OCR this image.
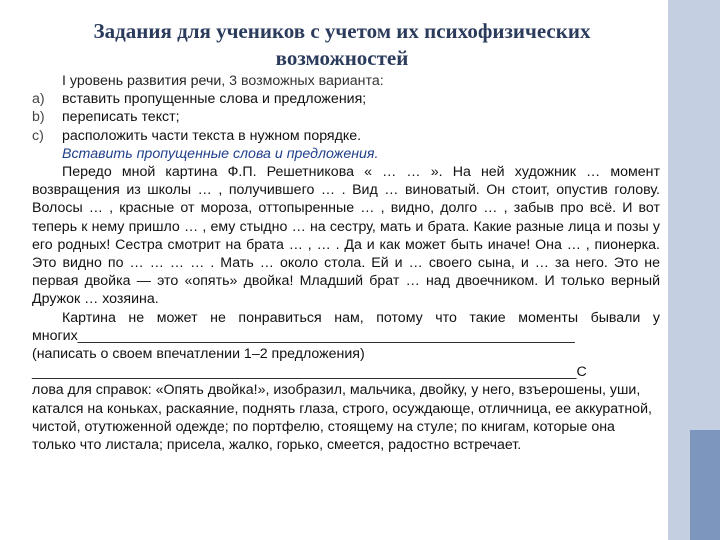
Задания для учеников с учетом их психофизических возможностей
I уровень развития речи, 3 возможных варианта:
a)	вставить пропущенные слова и предложения;
b)	переписать текст;
c)	расположить части текста в нужном порядке.
Вставить пропущенные слова и предложения.
Передо мной картина Ф.П. Решетникова « … … ». На ней художник … момент возвращения из школы … , получившего … . Вид … виноватый. Он стоит, опустив голову. Волосы … , красные от мороза, оттопыренные … , видно, долго … , забыв про всё. И вот теперь к нему пришло … , ему стыдно … на сестру, мать и брата. Какие разные лица и позы у его родных! Сестра смотрит на брата … , … . Да и как может быть иначе! Она … , пионерка. Это видно по … … … … . Мать … около стола. Ей и … своего сына, и … за него. Это не первая двойка — это «опять» двойка! Младший брат … над двоечником. И только верный Дружок … хозяина.
Картина не может не понравиться нам, потому что такие моменты бывали у многих_______________________________________________________________
(написать о своем впечатлении 1–2 предложения)
_____________________________________________________________________С
лова для справок: «Опять двойка!», изобразил, мальчика, двойку, у него, взъерошены, уши, катался на коньках, раскаяние, поднять глаза, строго, осуждающе, отличница, ее аккуратной, чистой, отутюженной одежде; по портфелю, стоящему на стуле; по книгам, которые она только что листала; присела, жалко, горько, смеется, радостно встречает.
